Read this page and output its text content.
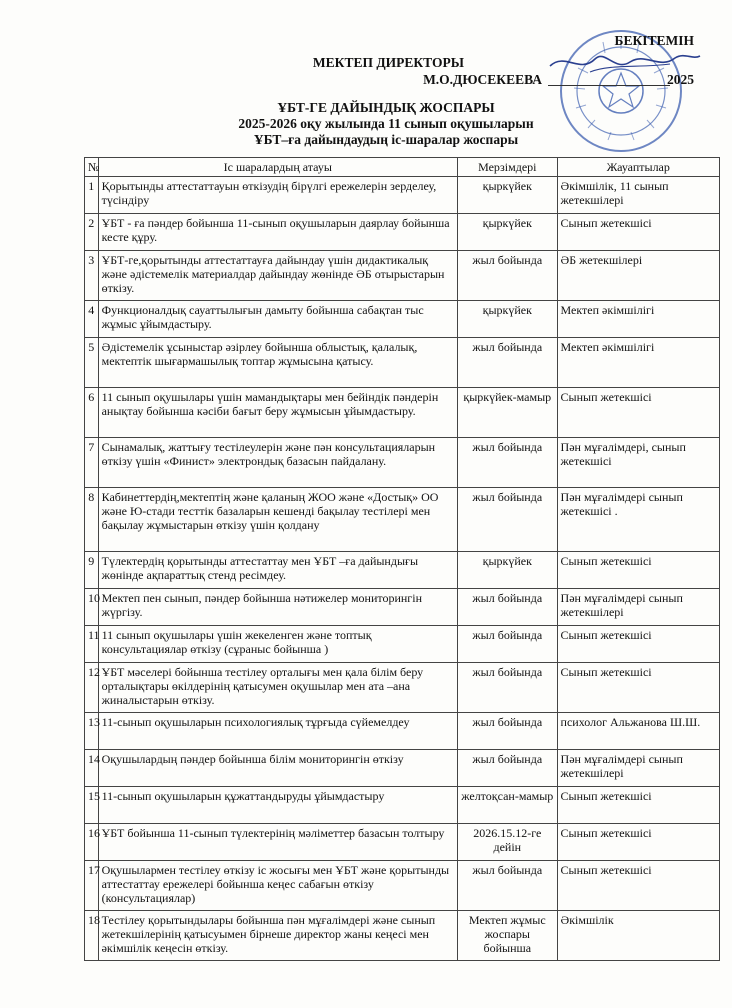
БЕКІТЕМІН
МЕКТЕП ДИРЕКТОРЫ
М.О.ДЮСЕКЕЕВА	2025
ҰБТ-ГЕ ДАЙЫНДЫҚ ЖОСПАРЫ
2025-2026 оқу жылында 11 сынып оқушыларын
ҰБТ–ға дайындаудың іс-шаралар жоспары
№	Іс шаралардың атауы	Мерзімдері	Жауаптылар
1	Қорытынды аттестаттауын өткізудің бірүлгі ережелерін зерделеу, түсіндіру	қыркүйек	Әкімшілік, 11 сынып жетекшілері
2	ҰБТ - ға пәндер бойынша 11-сынып оқушыларын даярлау бойынша кесте құру.	қыркүйек	Сынып жетекшісі
3	ҰБТ-ге,қорытынды аттестаттауға дайындау үшін дидактикалық және әдістемелік материалдар дайындау жөнінде ӘБ отырыстарын өткізу.	жыл бойында	ӘБ жетекшілері
4	Функционалдық сауаттылығын дамыту бойынша сабақтан тыс жұмыс ұйымдастыру.	қыркүйек	Мектеп әкімшілігі
5	Әдістемелік ұсыныстар әзірлеу бойынша облыстық, қалалық, мектептік шығармашылық топтар жұмысына қатысу.	жыл бойында	Мектеп әкімшілігі
6	11 сынып оқушылары үшін мамандықтары мен бейіндік пәндерін анықтау бойынша кәсіби бағыт беру жұмысын ұйымдастыру.	қыркүйек-мамыр	Сынып жетекшісі
7	Сынамалық, жаттығу тестілеулерін және пән консультацияларын өткізу үшін «Финист» электрондық базасын пайдалану.	жыл бойында	Пән мұғалімдері, сынып жетекшісі
8	Кабинеттердің,мектептің және қаланың ЖОО және «Достық» ОО және Ю-стади тесттік базаларын кешенді бақылау тестілері мен бақылау жұмыстарын өткізу үшін қолдану	жыл бойында	Пән мұғалімдері сынып жетекшісі .
9	Түлектердің қорытынды аттестаттау мен ҰБТ –ға дайындығы жөнінде ақпараттық стенд ресімдеу.	қыркүйек	Сынып жетекшісі
10	Мектеп пен сынып, пәндер бойынша нәтижелер мониторингін жүргізу.	жыл бойында	Пән мұғалімдері сынып жетекшілері
11	11 сынып оқушылары үшін жекеленген және топтық консультациялар өткізу (сұраныс бойынша )	жыл бойында	Сынып жетекшісі
12	ҰБТ мәселері бойынша тестілеу орталығы мен қала білім беру орталықтары өкілдерінің қатысумен оқушылар мен ата –ана жиналыстарын өткізу.	жыл бойында	Сынып жетекшісі
13	11-сынып оқушыларын психологиялық тұрғыда сүйемелдеу	жыл бойында	психолог Альжанова Ш.Ш.
14	Оқушылардың пәндер бойынша білім мониторингін өткізу	жыл бойында	Пән мұғалімдері сынып жетекшілері
15	11-сынып оқушыларын құжаттандыруды ұйымдастыру	желтоқсан-мамыр	Сынып жетекшісі
16	ҰБТ бойынша 11-сынып түлектерінің мәліметтер базасын толтыру	2026.15.12-ге дейін	Сынып жетекшісі
17	Оқушылармен тестілеу өткізу іс жосығы мен ҰБТ және қорытынды аттестаттау ережелері бойынша кеңес сабағын өткізу (консультациялар)	жыл бойында	Сынып жетекшісі
18	Тестілеу қорытындылары бойынша пән мұғалімдері және сынып жетекшілерінің қатысуымен бірнеше директор жаны кеңесі мен әкімшілік кеңесін өткізу.	Мектеп жұмыс жоспары бойынша	Әкімшілік
